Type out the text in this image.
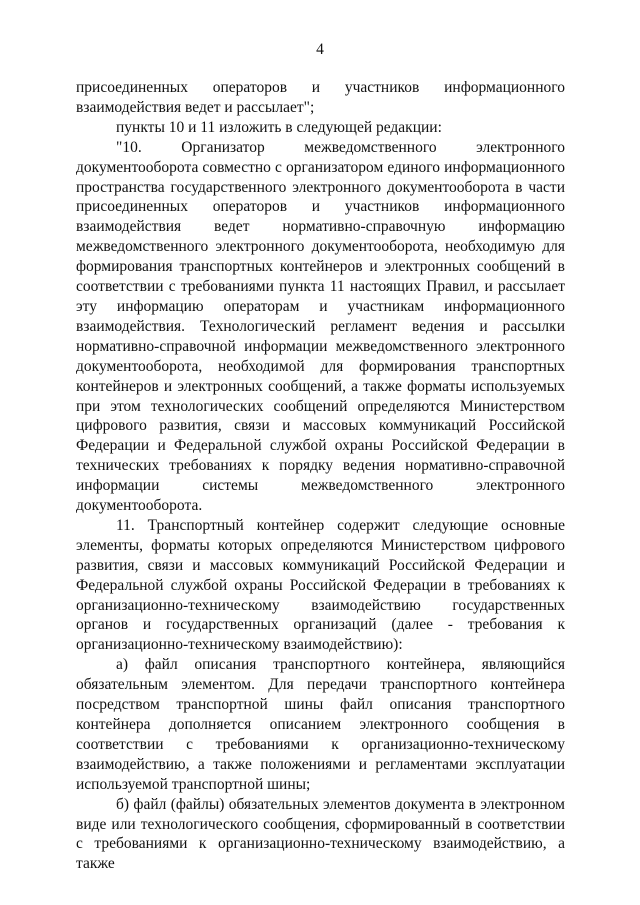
4

присоединенных операторов и участников информационного взаимодействия ведет и рассылает";

пункты 10 и 11 изложить в следующей редакции:

"10. Организатор межведомственного электронного документооборота совместно с организатором единого информационного пространства государственного электронного документооборота в части присоединенных операторов и участников информационного взаимодействия ведет нормативно-справочную информацию межведомственного электронного документооборота, необходимую для формирования транспортных контейнеров и электронных сообщений в соответствии с требованиями пункта 11 настоящих Правил, и рассылает эту информацию операторам и участникам информационного взаимодействия. Технологический регламент ведения и рассылки нормативно-справочной информации межведомственного электронного документооборота, необходимой для формирования транспортных контейнеров и электронных сообщений, а также форматы используемых при этом технологических сообщений определяются Министерством цифрового развития, связи и массовых коммуникаций Российской Федерации и Федеральной службой охраны Российской Федерации в технических требованиях к порядку ведения нормативно-справочной информации системы межведомственного электронного документооборота.

11. Транспортный контейнер содержит следующие основные элементы, форматы которых определяются Министерством цифрового развития, связи и массовых коммуникаций Российской Федерации и Федеральной службой охраны Российской Федерации в требованиях к организационно-техническому взаимодействию государственных органов и государственных организаций (далее - требования к организационно-техническому взаимодействию):

а) файл описания транспортного контейнера, являющийся обязательным элементом. Для передачи транспортного контейнера посредством транспортной шины файл описания транспортного контейнера дополняется описанием электронного сообщения в соответствии с требованиями к организационно-техническому взаимодействию, а также положениями и регламентами эксплуатации используемой транспортной шины;

б) файл (файлы) обязательных элементов документа в электронном виде или технологического сообщения, сформированный в соответствии с требованиями к организационно-техническому взаимодействию, а также
